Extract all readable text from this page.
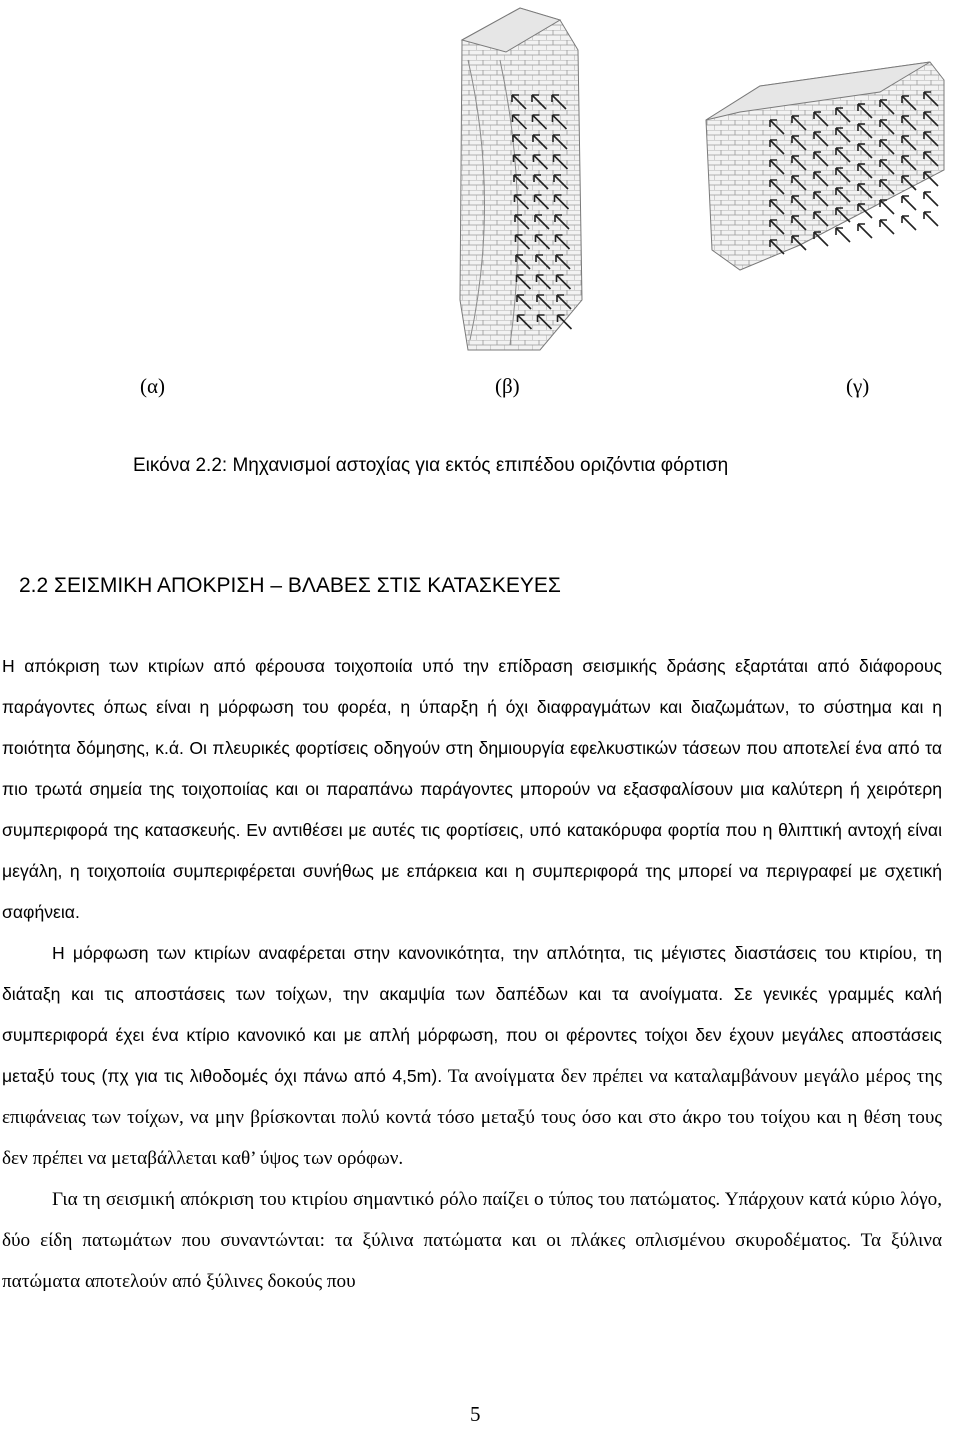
(α)	(β)	(γ)
Εικόνα 2.2: Μηχανισμοί αστοχίας για εκτός επιπέδου οριζόντια φόρτιση
2.2 ΣΕΙΣΜΙΚΗ ΑΠΟΚΡΙΣΗ – ΒΛΑΒΕΣ ΣΤΙΣ ΚΑΤΑΣΚΕΥΕΣ

Η απόκριση των κτιρίων από φέρουσα τοιχοποιία υπό την επίδραση σεισμικής δράσης εξαρτάται από διάφορους παράγοντες όπως είναι η μόρφωση του φορέα, η ύπαρξη ή όχι διαφραγμάτων και διαζωμάτων, το σύστημα και η ποιότητα δόμησης, κ.ά. Οι πλευρικές φορτίσεις οδηγούν στη δημιουργία εφελκυστικών τάσεων που αποτελεί ένα από τα πιο τρωτά σημεία της τοιχοποιίας και οι παραπάνω παράγοντες μπορούν να εξασφαλίσουν μια καλύτερη ή χειρότερη συμπεριφορά της κατασκευής. Εν αντιθέσει με αυτές τις φορτίσεις, υπό κατακόρυφα φορτία που η θλιπτική αντοχή είναι μεγάλη, η τοιχοποιία συμπεριφέρεται συνήθως με επάρκεια και η συμπεριφορά της μπορεί να περιγραφεί με σχετική σαφήνεια.

Η μόρφωση των κτιρίων αναφέρεται στην κανονικότητα, την απλότητα, τις μέγιστες διαστάσεις του κτιρίου, τη διάταξη και τις αποστάσεις των τοίχων, την ακαμψία των δαπέδων και τα ανοίγματα. Σε γενικές γραμμές καλή συμπεριφορά έχει ένα κτίριο κανονικό και με απλή μόρφωση, που οι φέροντες τοίχοι δεν έχουν μεγάλες αποστάσεις μεταξύ τους (πχ για τις λιθοδομές όχι πάνω από 4,5m). Τα ανοίγματα δεν πρέπει να καταλαμβάνουν μεγάλο μέρος της επιφάνειας των τοίχων, να μην βρίσκονται πολύ κοντά τόσο μεταξύ τους όσο και στο άκρο του τοίχου και η θέση τους δεν πρέπει να μεταβάλλεται καθ’ ύψος των ορόφων.

Για τη σεισμική απόκριση του κτιρίου σημαντικό ρόλο παίζει ο τύπος του πατώματος. Υπάρχουν κατά κύριο λόγο, δύο είδη πατωμάτων που συναντώνται: τα ξύλινα πατώματα και οι πλάκες οπλισμένου σκυροδέματος. Τα ξύλινα πατώματα αποτελούν από ξύλινες δοκούς που

5
